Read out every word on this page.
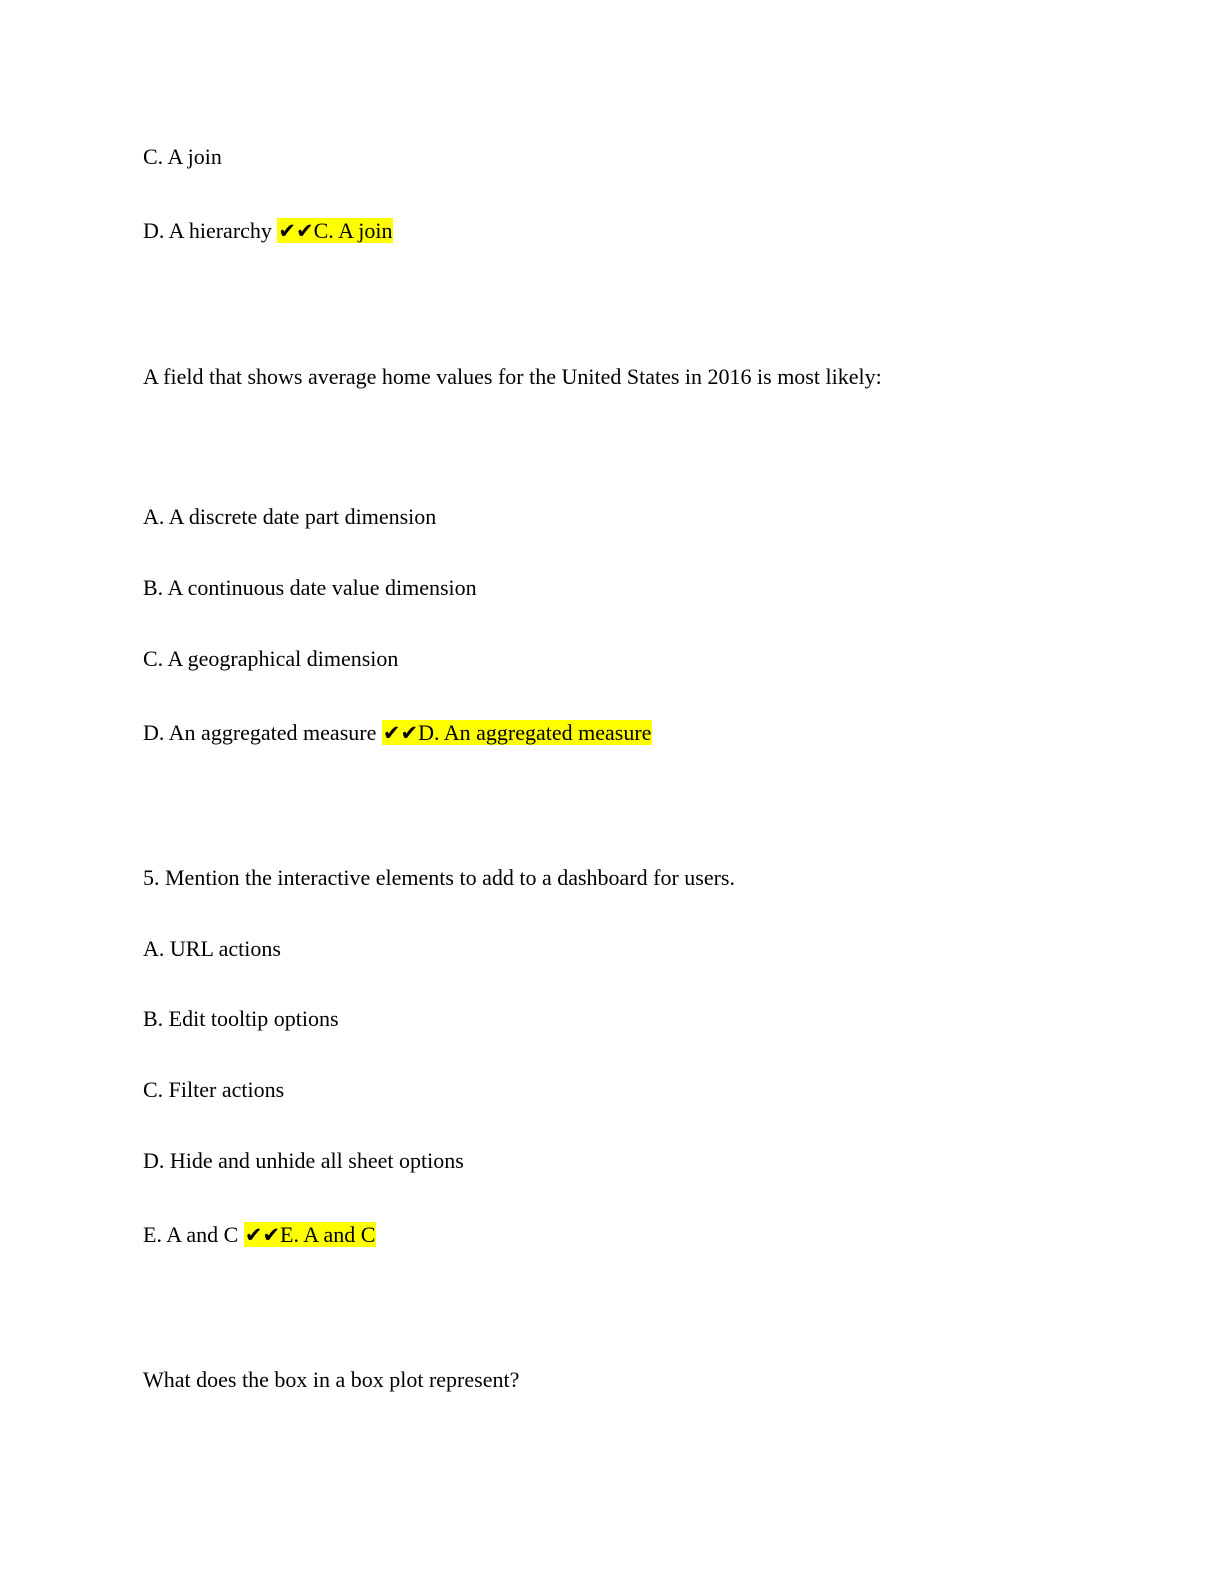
C. A join
D. A hierarchy ✔✔C. A join
A field that shows average home values for the United States in 2016 is most likely:
A. A discrete date part dimension
B. A continuous date value dimension
C. A geographical dimension
D. An aggregated measure ✔✔D. An aggregated measure
5. Mention the interactive elements to add to a dashboard for users.
A. URL actions
B. Edit tooltip options
C. Filter actions
D. Hide and unhide all sheet options
E. A and C ✔✔E. A and C
What does the box in a box plot represent?
